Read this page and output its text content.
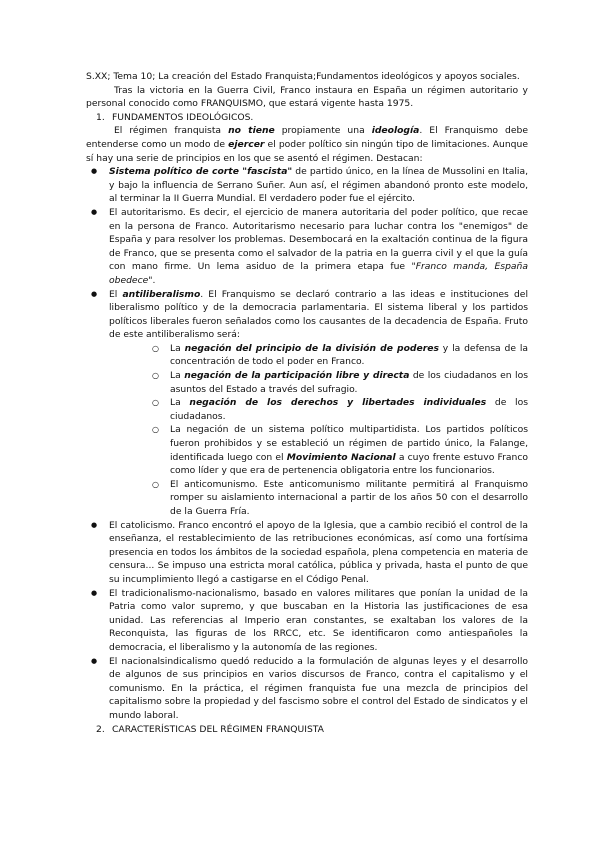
S.XX; Tema 10; La creación del Estado Franquista;Fundamentos ideológicos y apoyos sociales.

Tras la victoria en la Guerra Civil, Franco instaura en España un régimen autoritario y personal conocido como FRANQUISMO, que estará vigente hasta 1975.

1. FUNDAMENTOS IDEOLÓGICOS.

El régimen franquista no tiene propiamente una ideología. El Franquismo debe entenderse como un modo de ejercer el poder político sin ningún tipo de limitaciones. Aunque sí hay una serie de principios en los que se asentó el régimen. Destacan:

● Sistema político de corte "fascista" de partido único, en la línea de Mussolini en Italia, y bajo la influencia de Serrano Suñer. Aun así, el régimen abandonó pronto este modelo, al terminar la II Guerra Mundial. El verdadero poder fue el ejército.
● El autoritarismo. Es decir, el ejercicio de manera autoritaria del poder político, que recae en la persona de Franco. Autoritarismo necesario para luchar contra los "enemigos" de España y para resolver los problemas. Desembocará en la exaltación continua de la figura de Franco, que se presenta como el salvador de la patria en la guerra civil y el que la guía con mano firme. Un lema asiduo de la primera etapa fue "Franco manda, España obedece".
● El antiliberalismo. El Franquismo se declaró contrario a las ideas e instituciones del liberalismo político y de la democracia parlamentaria. El sistema liberal y los partidos políticos liberales fueron señalados como los causantes de la decadencia de España. Fruto de este antiliberalismo será:
○ La negación del principio de la división de poderes y la defensa de la concentración de todo el poder en Franco.
○ La negación de la participación libre y directa de los ciudadanos en los asuntos del Estado a través del sufragio.
○ La negación de los derechos y libertades individuales de los ciudadanos.
○ La negación de un sistema político multipartidista. Los partidos políticos fueron prohibidos y se estableció un régimen de partido único, la Falange, identificada luego con el Movimiento Nacional a cuyo frente estuvo Franco como líder y que era de pertenencia obligatoria entre los funcionarios.
○ El anticomunismo. Este anticomunismo militante permitirá al Franquismo romper su aislamiento internacional a partir de los años 50 con el desarrollo de la Guerra Fría.
● El catolicismo. Franco encontró el apoyo de la Iglesia, que a cambio recibió el control de la enseñanza, el restablecimiento de las retribuciones económicas, así como una fortísima presencia en todos los ámbitos de la sociedad española, plena competencia en materia de censura... Se impuso una estricta moral católica, pública y privada, hasta el punto de que su incumplimiento llegó a castigarse en el Código Penal.
● El tradicionalismo-nacionalismo, basado en valores militares que ponían la unidad de la Patria como valor supremo, y que buscaban en la Historia las justificaciones de esa unidad. Las referencias al Imperio eran constantes, se exaltaban los valores de la Reconquista, las figuras de los RRCC, etc. Se identificaron como antiespañoles la democracia, el liberalismo y la autonomía de las regiones.
● El nacionalsindicalismo quedó reducido a la formulación de algunas leyes y el desarrollo de algunos de sus principios en varios discursos de Franco, contra el capitalismo y el comunismo. En la práctica, el régimen franquista fue una mezcla de principios del capitalismo sobre la propiedad y del fascismo sobre el control del Estado de sindicatos y el mundo laboral.

2. CARACTERÍSTICAS DEL RÉGIMEN FRANQUISTA
